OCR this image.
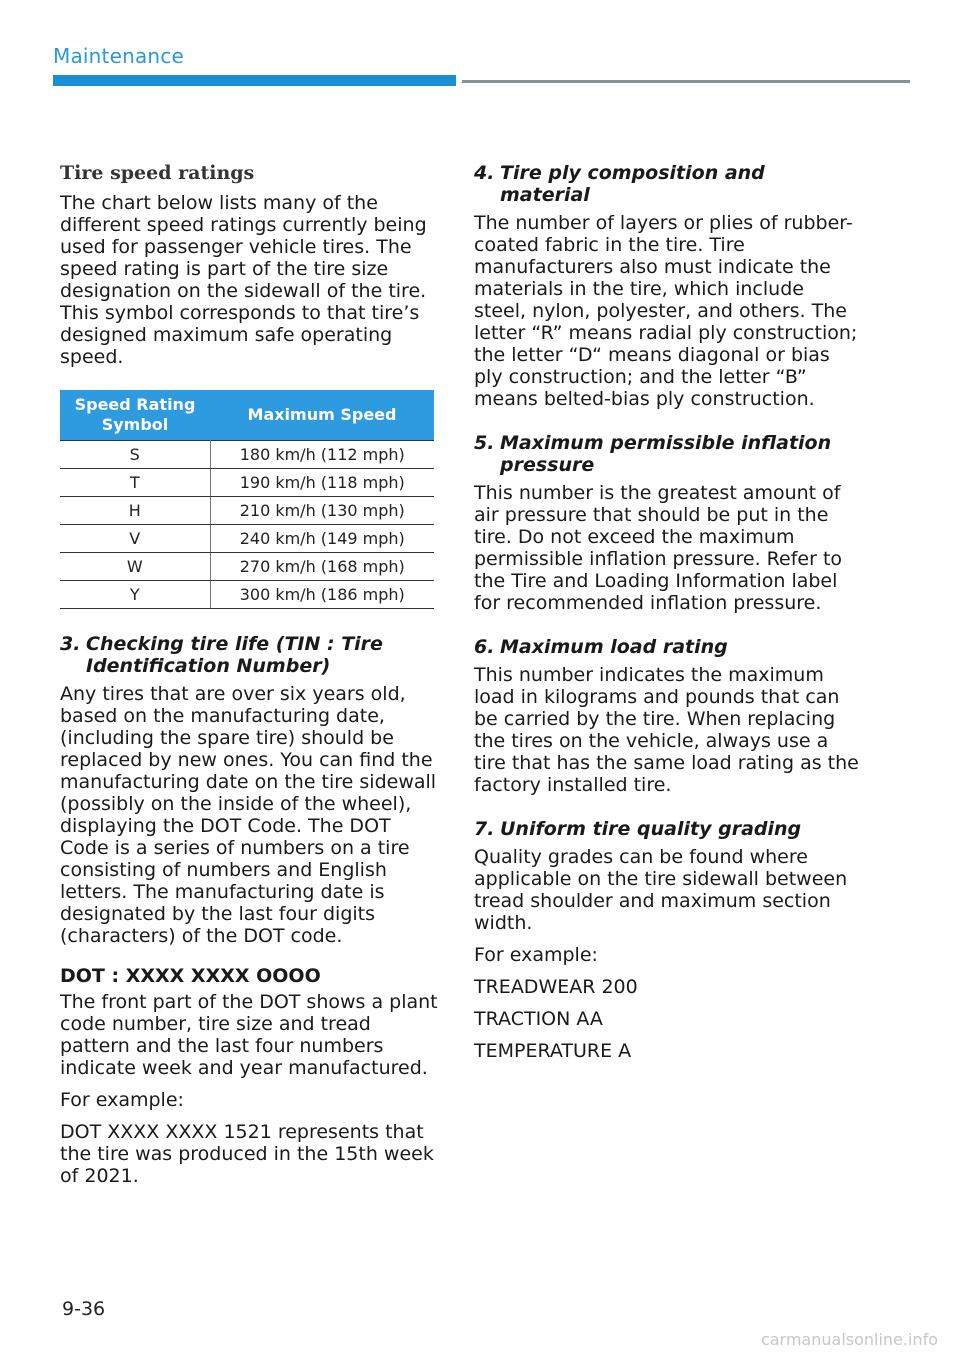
Maintenance
Tire speed ratings

The chart below lists many of the different speed ratings currently being used for passenger vehicle tires. The speed rating is part of the tire size designation on the sidewall of the tire. This symbol corresponds to that tire’s designed maximum safe operating speed.

Speed Rating Symbol	Maximum Speed
S	180 km/h (112 mph)
T	190 km/h (118 mph)
H	210 km/h (130 mph)
V	240 km/h (149 mph)
W	270 km/h (168 mph)
Y	300 km/h (186 mph)
3. Checking tire life (TIN : Tire Identification Number)

Any tires that are over six years old, based on the manufacturing date, (including the spare tire) should be replaced by new ones. You can find the manufacturing date on the tire sidewall (possibly on the inside of the wheel), displaying the DOT Code. The DOT Code is a series of numbers on a tire consisting of numbers and English letters. The manufacturing date is designated by the last four digits (characters) of the DOT code.

DOT : XXXX XXXX OOOO

The front part of the DOT shows a plant code number, tire size and tread pattern and the last four numbers indicate week and year manufactured.

For example:

DOT XXXX XXXX 1521 represents that the tire was produced in the 15th week of 2021.

4. Tire ply composition and material

The number of layers or plies of rubber-coated fabric in the tire. Tire manufacturers also must indicate the materials in the tire, which include steel, nylon, polyester, and others. The letter “R” means radial ply construction; the letter “D“ means diagonal or bias ply construction; and the letter “B” means belted-bias ply construction.

5. Maximum permissible inflation pressure

This number is the greatest amount of air pressure that should be put in the tire. Do not exceed the maximum permissible inflation pressure. Refer to the Tire and Loading Information label for recommended inflation pressure.

6. Maximum load rating

This number indicates the maximum load in kilograms and pounds that can be carried by the tire. When replacing the tires on the vehicle, always use a tire that has the same load rating as the factory installed tire.

7. Uniform tire quality grading

Quality grades can be found where applicable on the tire sidewall between tread shoulder and maximum section width.

For example:

TREADWEAR 200

TRACTION AA

TEMPERATURE A

9-36
carmanualsonline.info
